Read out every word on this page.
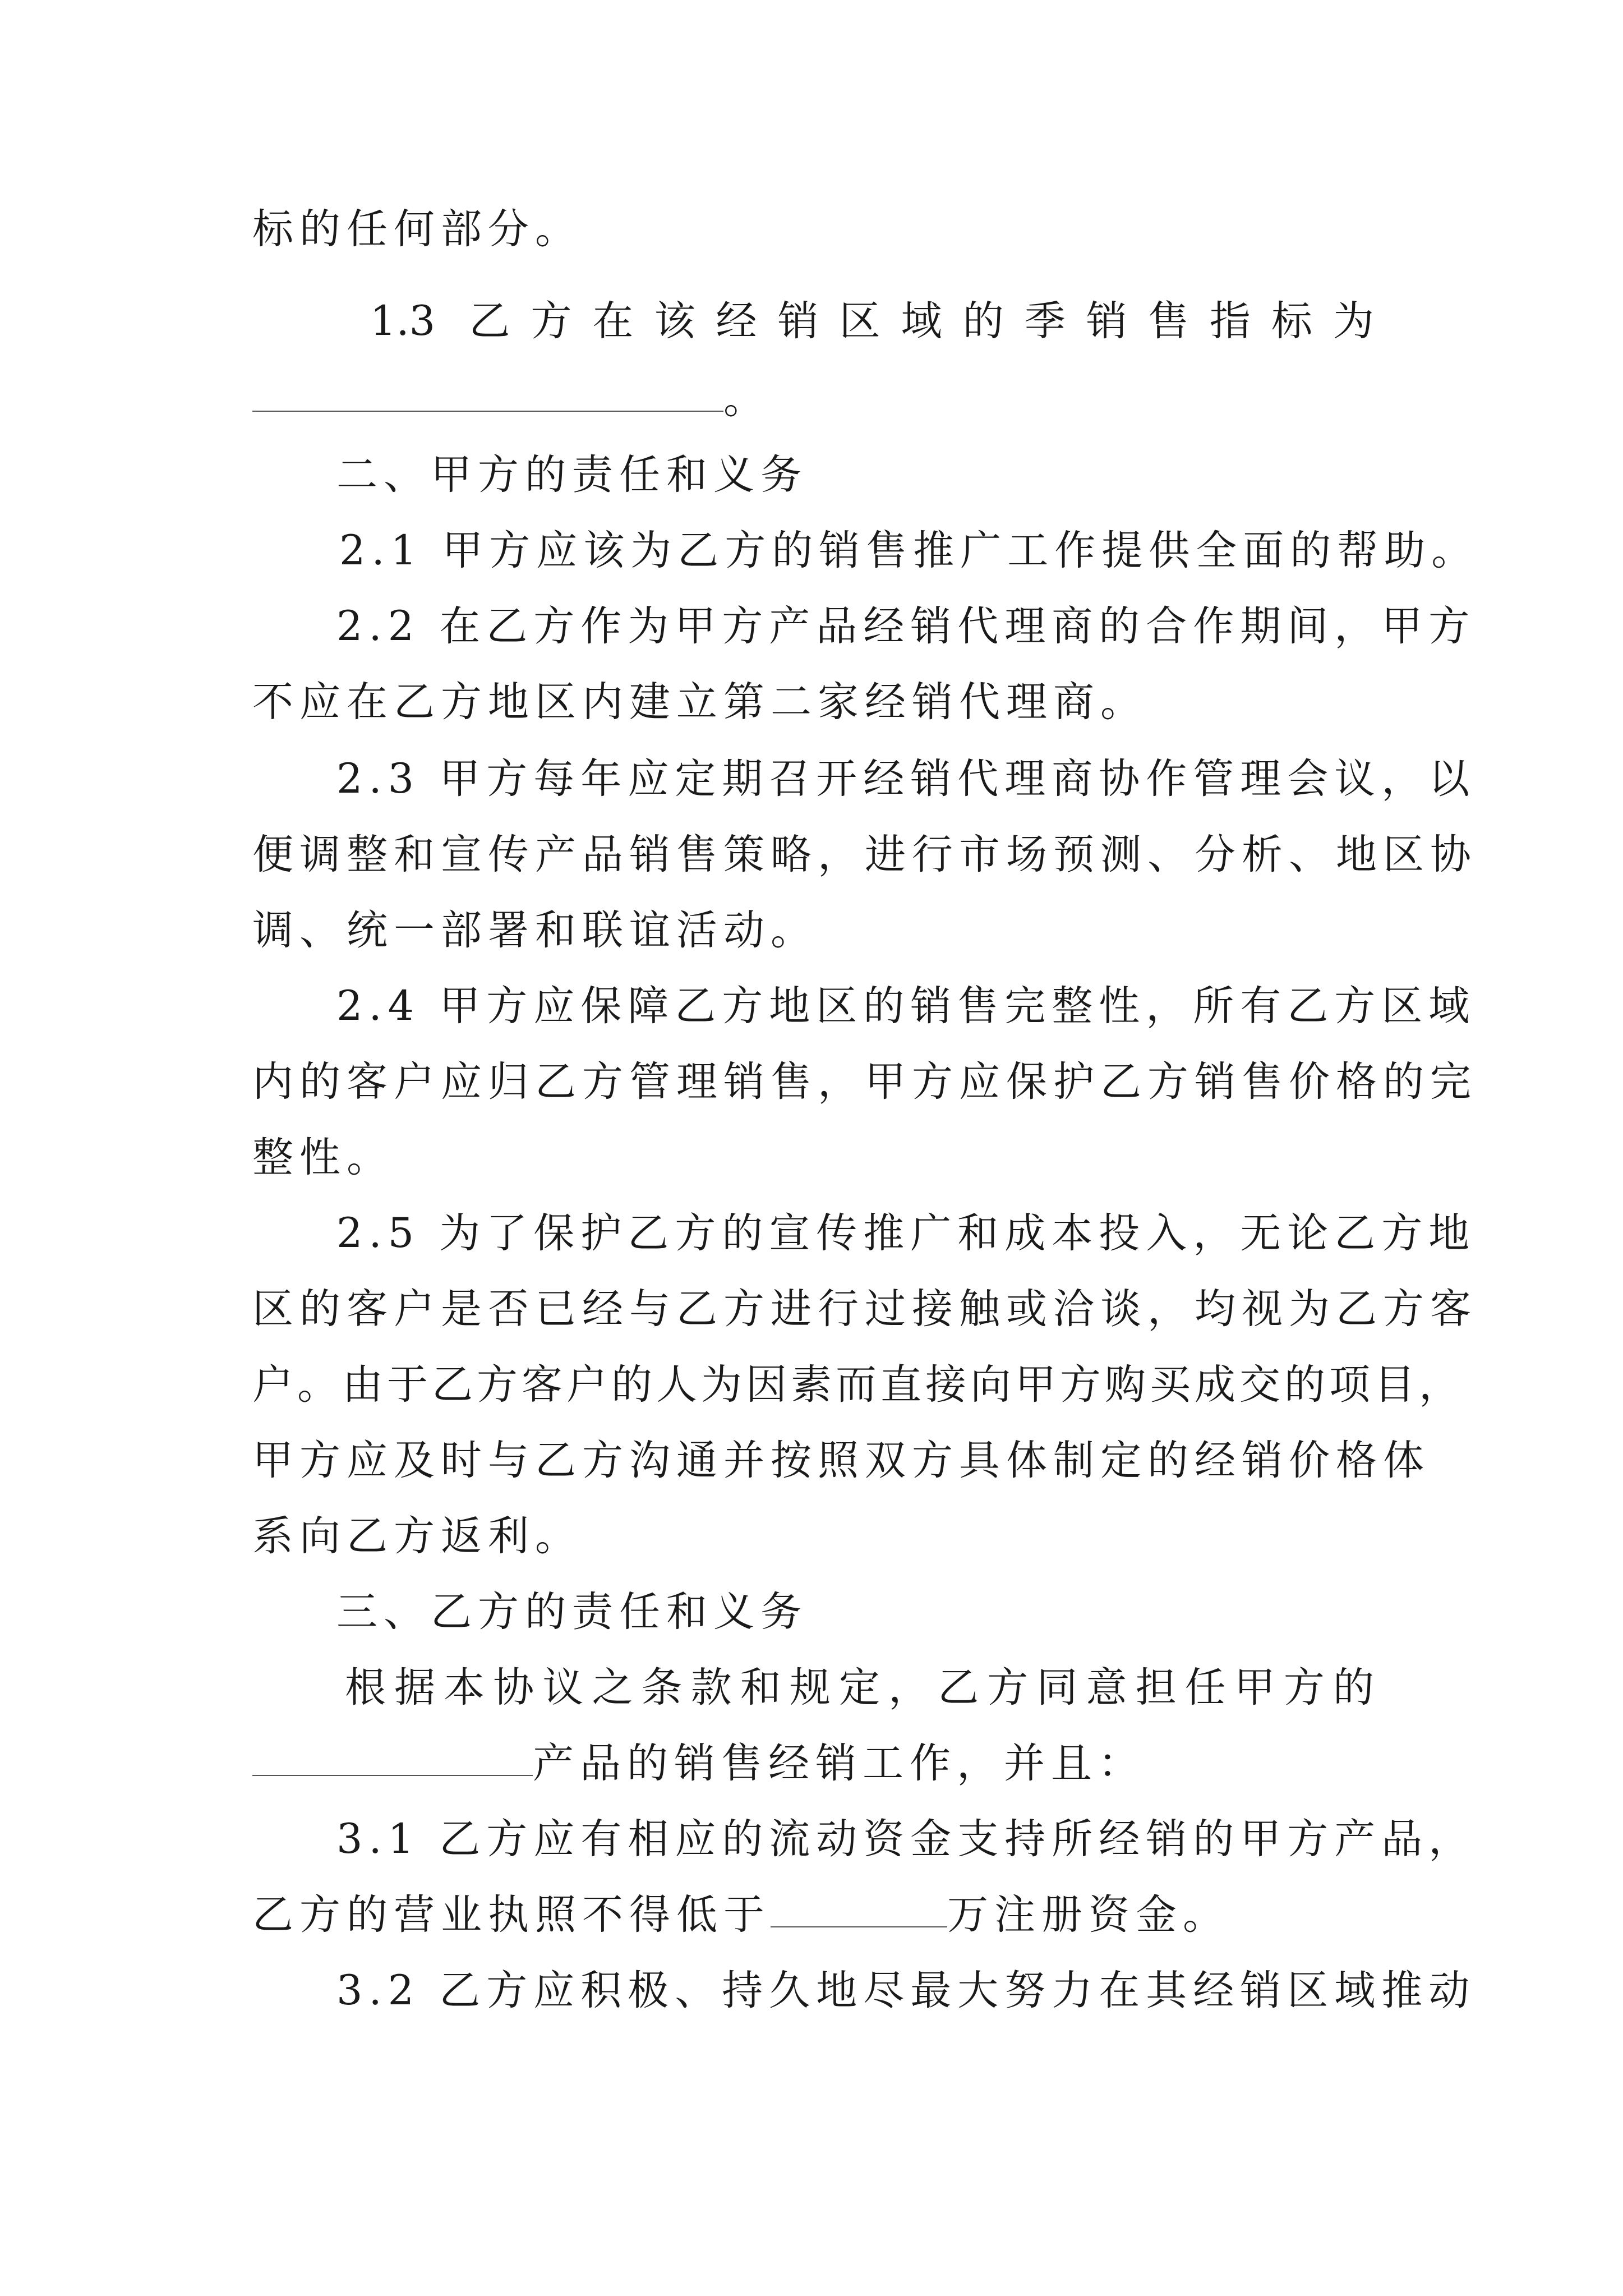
标的任何部分。
1.3 乙方在该经销区域的季销售指标为
。
二、甲方的责任和义务
2.1 甲方应该为乙方的销售推广工作提供全面的帮助。
2.2 在乙方作为甲方产品经销代理商的合作期间，甲方
不应在乙方地区内建立第二家经销代理商。
2.3 甲方每年应定期召开经销代理商协作管理会议，以
便调整和宣传产品销售策略，进行市场预测、分析、地区协
调、统一部署和联谊活动。
2.4 甲方应保障乙方地区的销售完整性，所有乙方区域
内的客户应归乙方管理销售，甲方应保护乙方销售价格的完
整性。
2.5 为了保护乙方的宣传推广和成本投入，无论乙方地
区的客户是否已经与乙方进行过接触或洽谈，均视为乙方客
户。由于乙方客户的人为因素而直接向甲方购买成交的项目，
甲方应及时与乙方沟通并按照双方具体制定的经销价格体
系向乙方返利。
三、乙方的责任和义务
根据本协议之条款和规定，乙方同意担任甲方的
产品的销售经销工作，并且：
3.1 乙方应有相应的流动资金支持所经销的甲方产品，
乙方的营业执照不得低于	万注册资金。
3.2 乙方应积极、持久地尽最大努力在其经销区域推动
